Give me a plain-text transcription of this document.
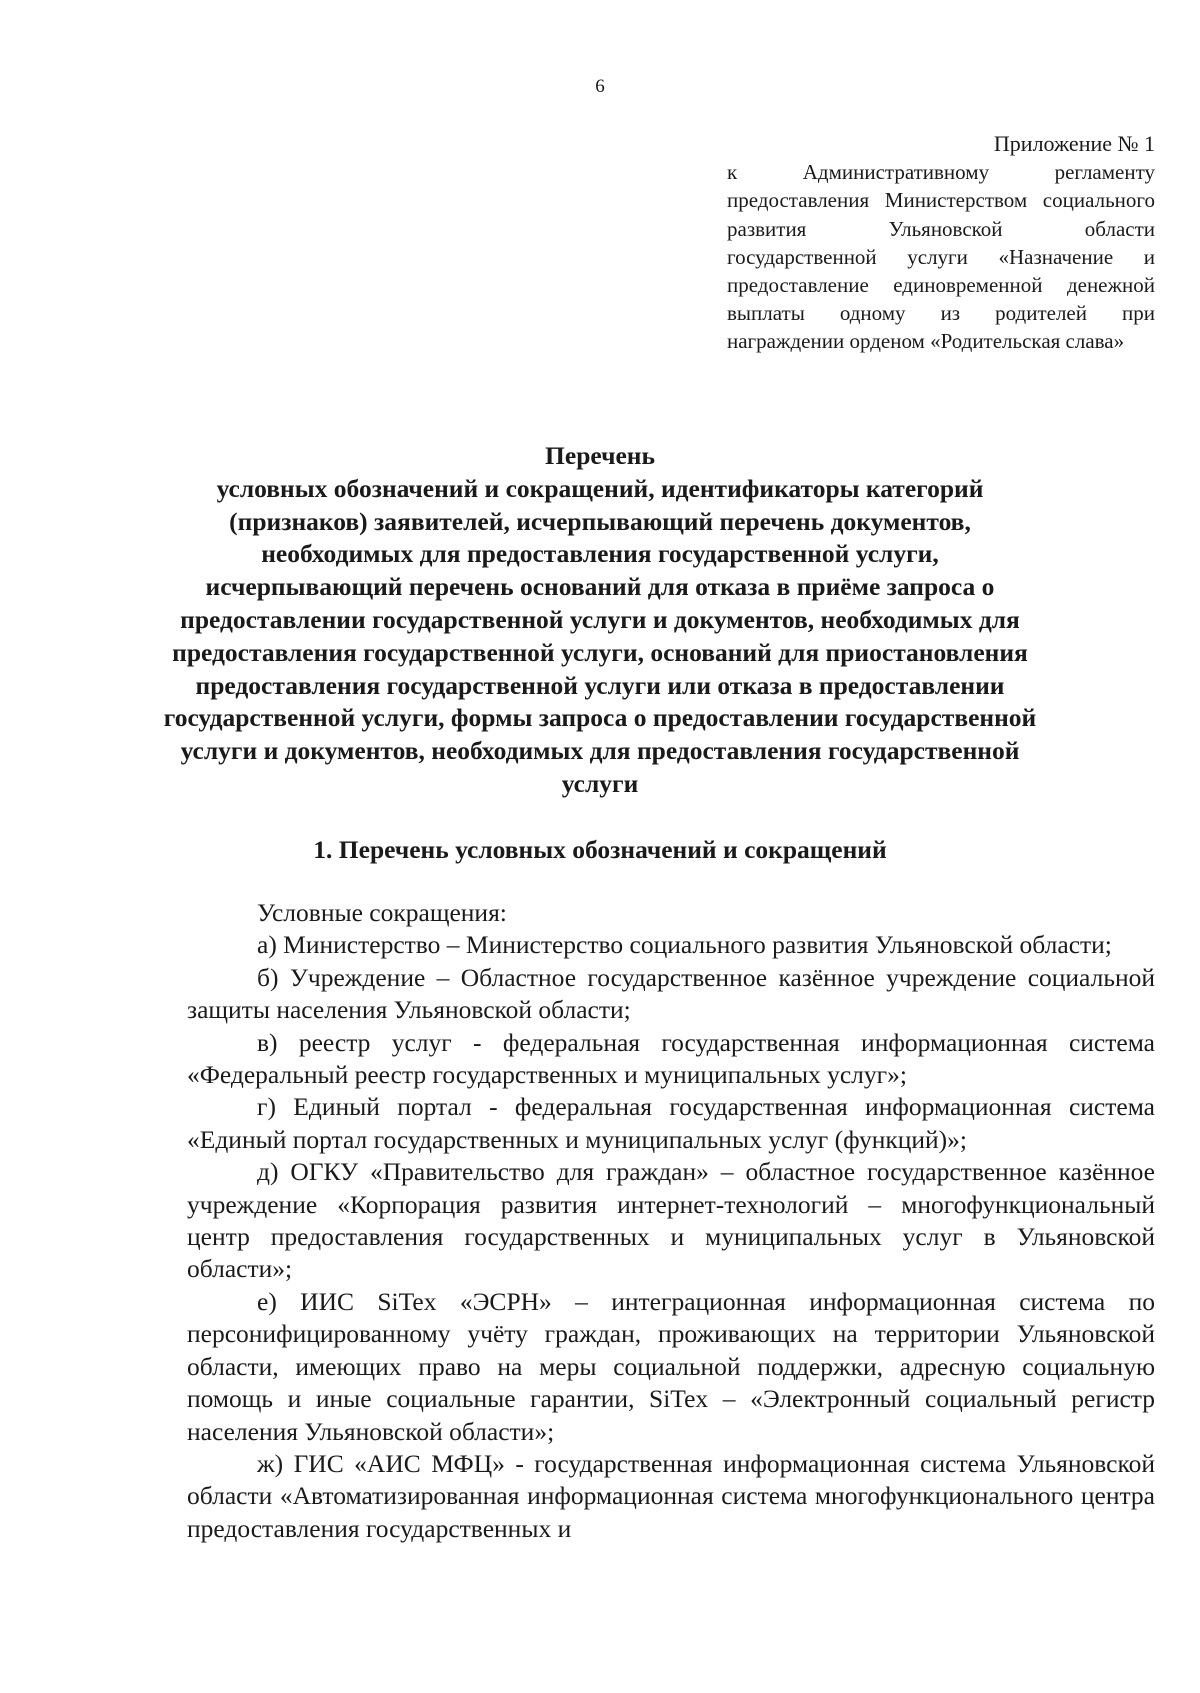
6
Приложение № 1
к Административному регламенту предоставления Министерством социального развития Ульяновской области государственной услуги «Назначение и предоставление единовременной денежной выплаты одному из родителей при награждении орденом «Родительская слава»
Перечень
условных обозначений и сокращений, идентификаторы категорий
(признаков) заявителей, исчерпывающий перечень документов,
необходимых для предоставления государственной услуги,
исчерпывающий перечень оснований для отказа в приёме запроса о
предоставлении государственной услуги и документов, необходимых для
предоставления государственной услуги, оснований для приостановления
предоставления государственной услуги или отказа в предоставлении
государственной услуги, формы запроса о предоставлении государственной
услуги и документов, необходимых для предоставления государственной
услуги
1. Перечень условных обозначений и сокращений

Условные сокращения:

а) Министерство – Министерство социального развития Ульяновской области;

б) Учреждение – Областное государственное казённое учреждение социальной защиты населения Ульяновской области;

в) реестр услуг - федеральная государственная информационная система «Федеральный реестр государственных и муниципальных услуг»;

г) Единый портал - федеральная государственная информационная система «Единый портал государственных и муниципальных услуг (функций)»;

д) ОГКУ «Правительство для граждан» – областное государственное казённое учреждение «Корпорация развития интернет-технологий – многофункциональный центр предоставления государственных и муниципальных услуг в Ульяновской области»;

е) ИИС SiTex «ЭСРН» – интеграционная информационная система по персонифицированному учёту граждан, проживающих на территории Ульяновской области, имеющих право на меры социальной поддержки, адресную социальную помощь и иные социальные гарантии, SiTex – «Электронный социальный регистр населения Ульяновской области»;

ж) ГИС «АИС МФЦ» - государственная информационная система Ульяновской области «Автоматизированная информационная система многофункционального центра предоставления государственных и
